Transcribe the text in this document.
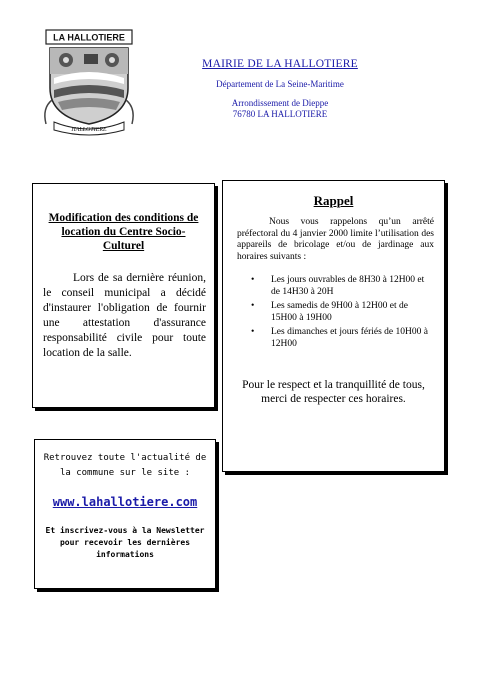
LA HALLOTIERE
HALLOTIERE
MAIRIE DE LA HALLOTIERE
Département de La Seine-Maritime
Arrondissement de Dieppe
76780 LA HALLOTIERE
Modification des conditions de location du Centre Socio-Culturel
Lors de sa dernière réunion, le conseil municipal a décidé d'instaurer l'obligation de fournir une attestation d'assurance responsabilité civile pour toute location de la salle.
Rappel
Nous vous rappelons qu’un arrêté préfectoral du 4 janvier 2000 limite l’utilisation des appareils de bricolage et/ou de jardinage aux horaires suivants :
• Les jours ouvrables de 8H30 à 12H00 et de 14H30 à 20H
• Les samedis de 9H00 à 12H00 et de 15H00 à 19H00
• Les dimanches et jours fériés de 10H00 à 12H00
Pour le respect et la tranquillité de tous, merci de respecter ces horaires.
Retrouvez toute l'actualité de la commune sur le site :
www.lahallotiere.com
Et inscrivez-vous à la Newsletter pour recevoir les dernières informations
